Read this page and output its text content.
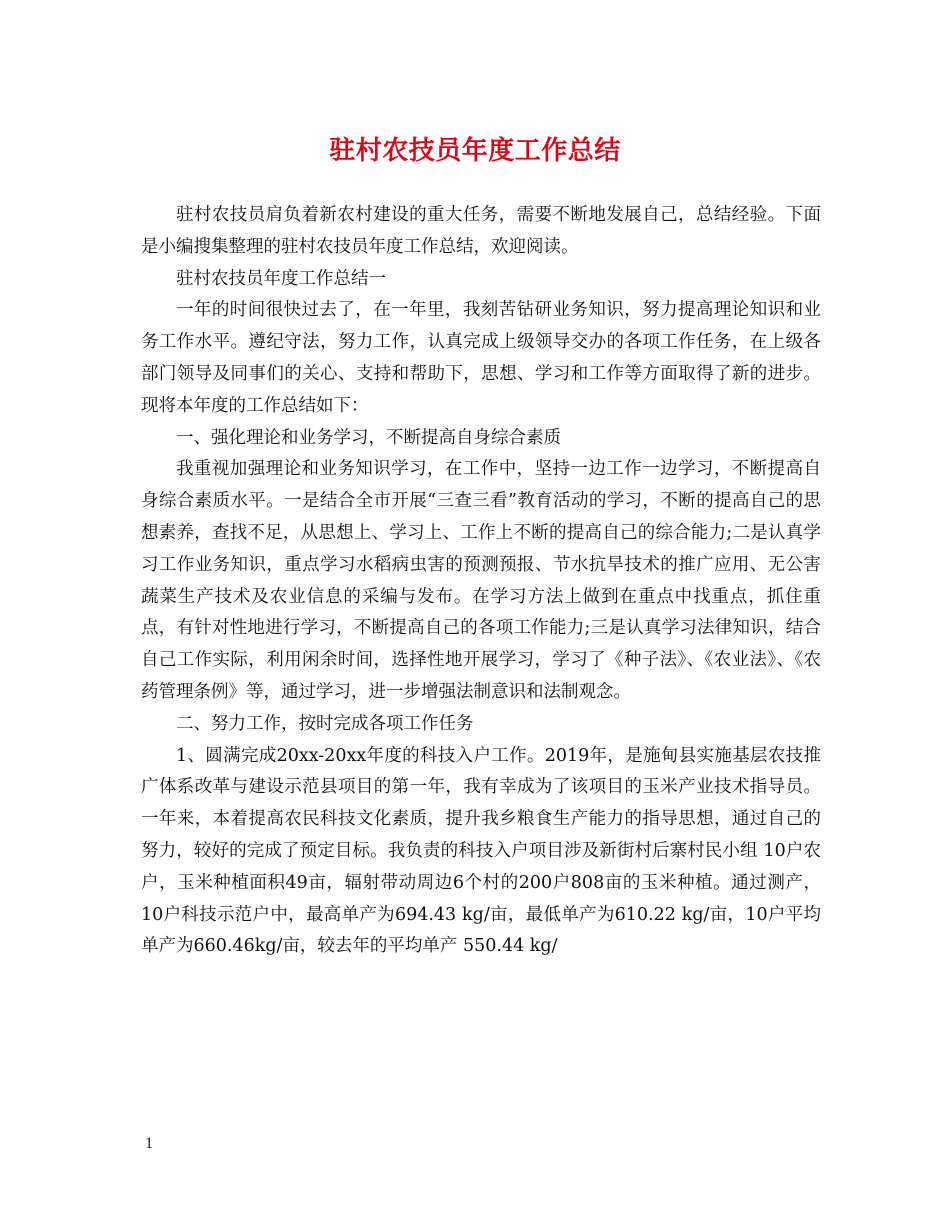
驻村农技员年度工作总结

驻村农技员肩负着新农村建设的重大任务，需要不断地发展自己，总结经验。下面是小编搜集整理的驻村农技员年度工作总结，欢迎阅读。

驻村农技员年度工作总结一

一年的时间很快过去了，在一年里，我刻苦钻研业务知识，努力提高理论知识和业务工作水平。遵纪守法，努力工作，认真完成上级领导交办的各项工作任务，在上级各部门领导及同事们的关心、支持和帮助下，思想、学习和工作等方面取得了新的进步。现将本年度的工作总结如下：

一、强化理论和业务学习，不断提高自身综合素质

我重视加强理论和业务知识学习，在工作中，坚持一边工作一边学习，不断提高自身综合素质水平。一是结合全市开展“三查三看”教育活动的学习，不断的提高自己的思想素养，查找不足，从思想上、学习上、工作上不断的提高自己的综合能力;二是认真学习工作业务知识，重点学习水稻病虫害的预测预报、节水抗旱技术的推广应用、无公害蔬菜生产技术及农业信息的采编与发布。在学习方法上做到在重点中找重点，抓住重点，有针对性地进行学习，不断提高自己的各项工作能力;三是认真学习法律知识，结合自己工作实际，利用闲余时间，选择性地开展学习，学习了《种子法》、《农业法》、《农药管理条例》等，通过学习，进一步增强法制意识和法制观念。

二、努力工作，按时完成各项工作任务

1、圆满完成20xx-20xx年度的科技入户工作。2019年，是施甸县实施基层农技推广体系改革与建设示范县项目的第一年，我有幸成为了该项目的玉米产业技术指导员。一年来，本着提高农民科技文化素质，提升我乡粮食生产能力的指导思想，通过自己的努力，较好的完成了预定目标。我负责的科技入户项目涉及新街村后寨村民小组 10户农户，玉米种植面积49亩，辐射带动周边6个村的200户808亩的玉米种植。通过测产，10户科技示范户中，最高单产为694.43 kg/亩，最低单产为610.22 kg/亩，10户平均单产为660.46kg/亩，较去年的平均单产 550.44 kg/

1
